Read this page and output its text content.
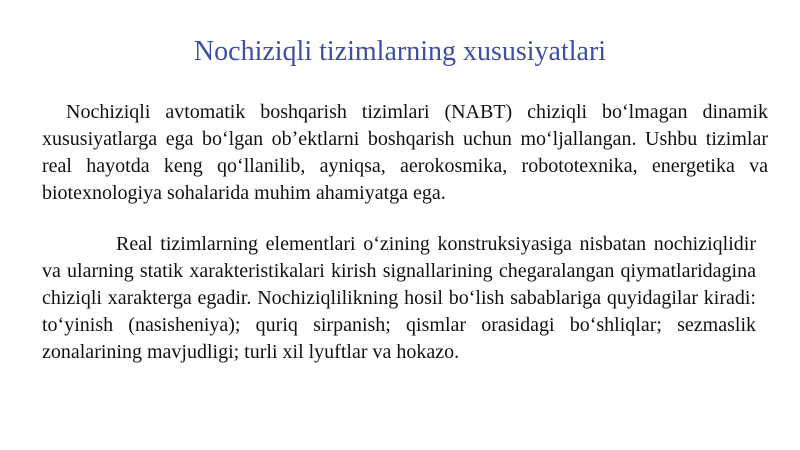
Nochiziqli tizimlarning xususiyatlari

Nochiziqli avtomatik boshqarish tizimlari (NABT) chiziqli boʻlmagan dinamik xususiyatlarga ega boʻlgan obʼektlarni boshqarish uchun moʻljallangan. Ushbu tizimlar real hayotda keng qoʻllanilib, ayniqsa, aerokosmika, robototexnika, energetika va biotexnologiya sohalarida muhim ahamiyatga ega.

Real tizimlarning elementlari oʻzining konstruksiyasiga nisbatan nochiziqlidir va ularning statik xarakteristikalari kirish signallarining chegaralangan qiymatlaridagina chiziqli xarakterga egadir. Nochiziqlilikning hosil boʻlish sabablariga quyidagilar kiradi: toʻyinish (nasisheniya); quriq sirpanish; qismlar orasidagi boʻshliqlar; sezmaslik zonalarining mavjudligi; turli xil lyuftlar va hokazo.
